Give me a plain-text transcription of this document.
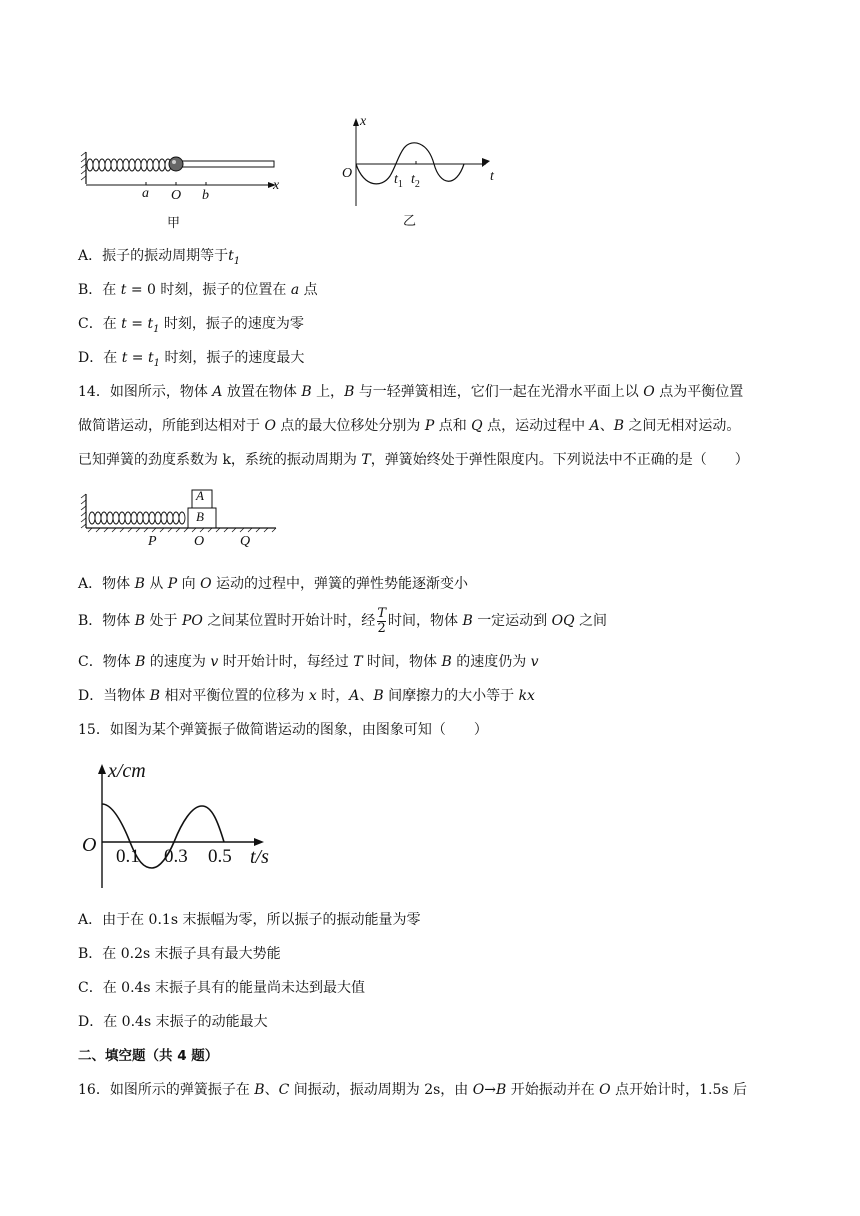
a O b
x
甲
x
O	t
$t_1$ $t_2$
乙
A．振子的振动周期等于$t_1$
B．在 t = 0 时刻，振子的位置在 a 点
C．在 $t = t_1$ 时刻，振子的速度为零
D．在 $t = t_1$ 时刻，振子的速度最大
14．如图所示，物体 A 放置在物体 B 上，B 与一轻弹簧相连，它们一起在光滑水平面上以 O 点为平衡位置
做简谐运动，所能到达相对于 O 点的最大位移处分别为 P 点和 Q 点，运动过程中 A、B 之间无相对运动。
已知弹簧的劲度系数为 k，系统的振动周期为 T，弹簧始终处于弹性限度内。下列说法中不正确的是（　　）
A
B
P	O	Q
A．物体 B 从 P 向 O 运动的过程中，弹簧的弹性势能逐渐变小
B．物体 B 处于 PO 之间某位置时开始计时，经 $\frac{T}{2}$ 时间，物体 B 一定运动到 OQ 之间
C．物体 B 的速度为 v 时开始计时，每经过 T 时间，物体 B 的速度仍为 v
D．当物体 B 相对平衡位置的位移为 x 时，A、B 间摩擦力的大小等于 kx
15．如图为某个弹簧振子做简谐运动的图象，由图象可知（　　）
x/cm
O
0.1 0.3 0.5 t/s
A．由于在 0.1s 末振幅为零，所以振子的振动能量为零
B．在 0.2s 末振子具有最大势能
C．在 0.4s 末振子具有的能量尚未达到最大值
D．在 0.4s 末振子的动能最大
二、填空题（共 4 题）
16．如图所示的弹簧振子在 B、C 间振动，振动周期为 2s，由 O→B 开始振动并在 O 点开始计时，1.5s 后
